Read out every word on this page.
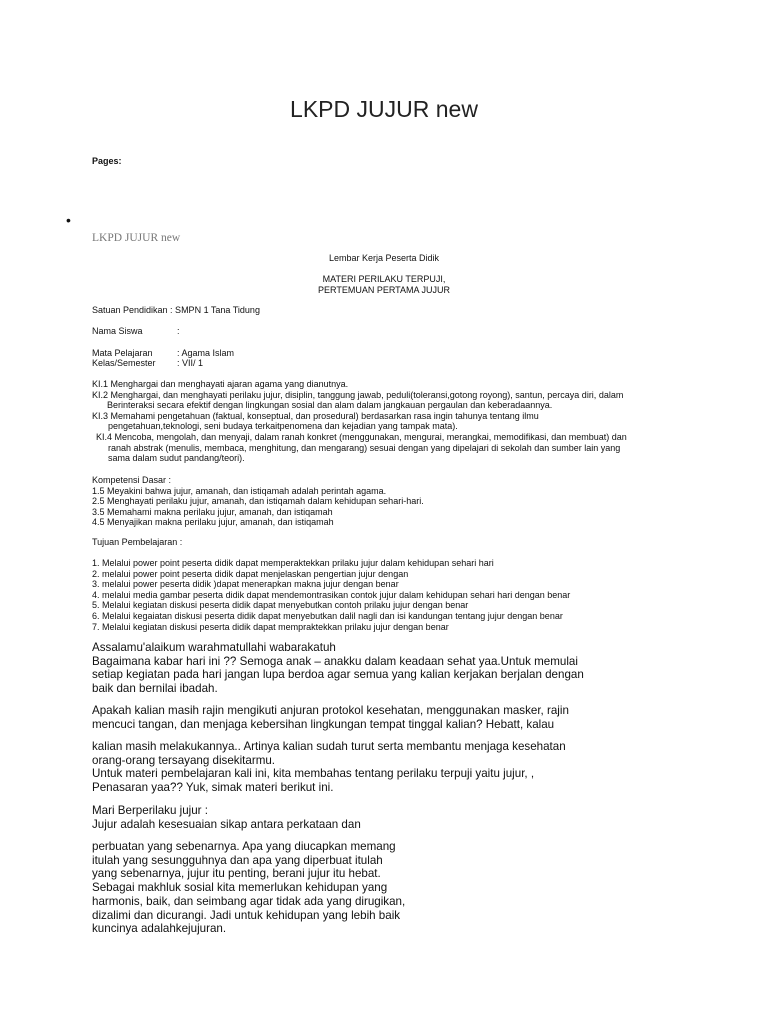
LKPD JUJUR new
Pages:
•
LKPD JUJUR new
Lembar Kerja Peserta Didik
MATERI PERILAKU TERPUJI,
PERTEMUAN PERTAMA JUJUR
Satuan Pendidikan : SMPN 1 Tana Tidung
Nama Siswa	:
Mata Pelajaran	: Agama Islam
Kelas/Semester : VII/ 1
KI.1 Menghargai dan menghayati ajaran agama yang dianutnya.
KI.2 Menghargai, dan menghayati perilaku jujur, disiplin, tanggung jawab, peduli(toleransi,gotong royong), santun, percaya diri, dalam
Berinteraksi secara efektif dengan lingkungan sosial dan alam dalam jangkauan pergaulan dan keberadaannya.
KI.3 Memahami pengetahuan (faktual, konseptual, dan prosedural) berdasarkan rasa ingin tahunya tentang ilmu
pengetahuan,teknologi, seni budaya terkaitpenomena dan kejadian yang tampak mata).
KI.4 Mencoba, mengolah, dan menyaji, dalam ranah konkret (menggunakan, mengurai, merangkai, memodifikasi, dan membuat) dan
ranah abstrak (menulis, membaca, menghitung, dan mengarang) sesuai dengan yang dipelajari di sekolah dan sumber lain yang
sama dalam sudut pandang/teori).
Kompetensi Dasar :
1.5 Meyakini bahwa jujur, amanah, dan istiqamah adalah perintah agama.
2.5 Menghayati perilaku jujur, amanah, dan istiqamah dalam kehidupan sehari-hari.
3.5 Memahami makna perilaku jujur, amanah, dan istiqamah
4.5 Menyajikan makna perilaku jujur, amanah, dan istiqamah
Tujuan Pembelajaran :
1. Melalui power point peserta didik dapat memperaktekkan prilaku jujur dalam kehidupan sehari hari
2. melalui power point peserta didik dapat menjelaskan pengertian jujur dengan
3. melalui power peserta didik )dapat menerapkan makna jujur dengan benar
4. melalui media gambar peserta didik dapat mendemontrasikan contok jujur dalam kehidupan sehari hari dengan benar
5. Melalui kegiatan diskusi peserta didik dapat menyebutkan contoh prilaku jujur dengan benar
6. Melalui kegaiatan diskusi peserta didik dapat menyebutkan dalil nagli dan isi kandungan tentang jujur dengan benar
7. Melalui kegiatan diskusi peserta didik dapat mempraktekkan prilaku jujur dengan benar
Assalamu'alaikum warahmatullahi wabarakatuh
Bagaimana kabar hari ini ?? Semoga anak – anakku dalam keadaan sehat yaa.Untuk memulai
setiap kegiatan pada hari jangan lupa berdoa agar semua yang kalian kerjakan berjalan dengan
baik dan bernilai ibadah.
Apakah kalian masih rajin mengikuti anjuran protokol kesehatan, menggunakan masker, rajin
mencuci tangan, dan menjaga kebersihan lingkungan tempat tinggal kalian? Hebatt, kalau
kalian masih melakukannya.. Artinya kalian sudah turut serta membantu menjaga kesehatan
orang-orang tersayang disekitarmu.
Untuk materi pembelajaran kali ini, kita membahas tentang perilaku terpuji yaitu jujur, ,
Penasaran yaa?? Yuk, simak materi berikut ini.
Mari Berperilaku jujur :
Jujur adalah kesesuaian sikap antara perkataan dan
perbuatan yang sebenarnya. Apa yang diucapkan memang
itulah yang sesungguhnya dan apa yang diperbuat itulah
yang sebenarnya, jujur itu penting, berani jujur itu hebat.
Sebagai makhluk sosial kita memerlukan kehidupan yang
harmonis, baik, dan seimbang agar tidak ada yang dirugikan,
dizalimi dan dicurangi. Jadi untuk kehidupan yang lebih baik
kuncinya adalahkejujuran.
